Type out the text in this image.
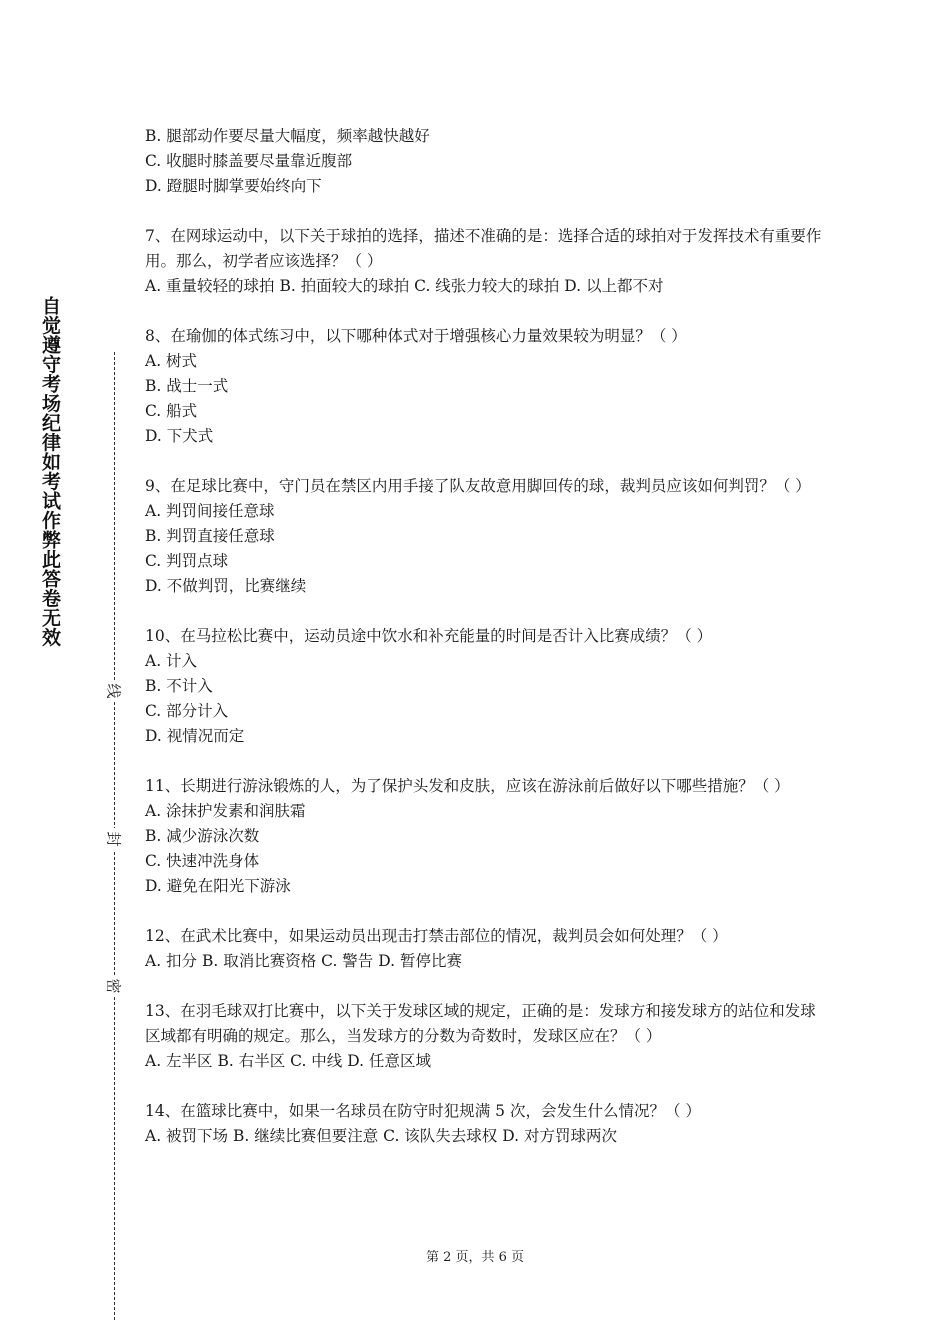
自觉遵守考场纪律如考试作弊此答卷无效
线
封
密
B. 腿部动作要尽量大幅度，频率越快越好
C. 收腿时膝盖要尽量靠近腹部
D. 蹬腿时脚掌要始终向下
7、在网球运动中，以下关于球拍的选择，描述不准确的是：选择合适的球拍对于发挥技术有重要作用。那么，初学者应该选择？（ ）
A. 重量较轻的球拍 B. 拍面较大的球拍 C. 线张力较大的球拍 D. 以上都不对
8、在瑜伽的体式练习中，以下哪种体式对于增强核心力量效果较为明显？（ ）
A. 树式
B. 战士一式
C. 船式
D. 下犬式
9、在足球比赛中，守门员在禁区内用手接了队友故意用脚回传的球，裁判员应该如何判罚？（ ）
A. 判罚间接任意球
B. 判罚直接任意球
C. 判罚点球
D. 不做判罚，比赛继续
10、在马拉松比赛中，运动员途中饮水和补充能量的时间是否计入比赛成绩？（ ）
A. 计入
B. 不计入
C. 部分计入
D. 视情况而定
11、长期进行游泳锻炼的人，为了保护头发和皮肤，应该在游泳前后做好以下哪些措施？（ ）
A. 涂抹护发素和润肤霜
B. 减少游泳次数
C. 快速冲洗身体
D. 避免在阳光下游泳
12、在武术比赛中，如果运动员出现击打禁击部位的情况，裁判员会如何处理？（ ）
A. 扣分 B. 取消比赛资格 C. 警告 D. 暂停比赛
13、在羽毛球双打比赛中，以下关于发球区域的规定，正确的是：发球方和接发球方的站位和发球区域都有明确的规定。那么，当发球方的分数为奇数时，发球区应在？（ ）
A. 左半区 B. 右半区 C. 中线 D. 任意区域
14、在篮球比赛中，如果一名球员在防守时犯规满 5 次，会发生什么情况？（ ）
A. 被罚下场 B. 继续比赛但要注意 C. 该队失去球权 D. 对方罚球两次
第 2 页，共 6 页
